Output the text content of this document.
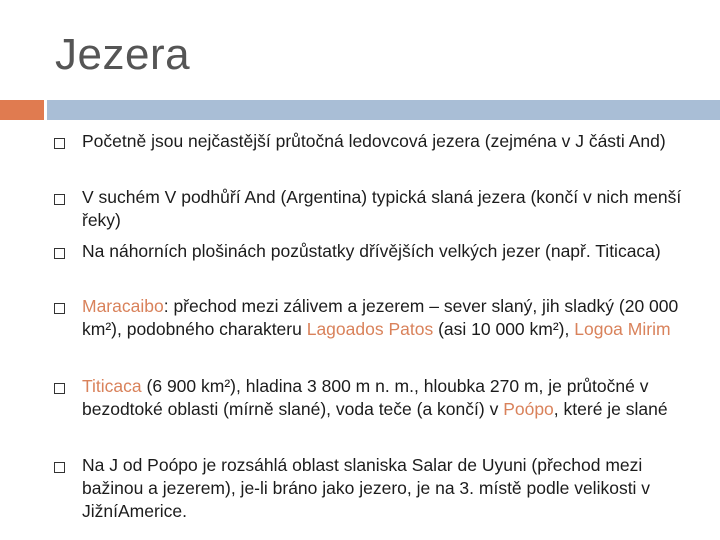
Jezera
Početně jsou nejčastější průtočná ledovcová jezera (zejména v J části And)
V suchém V podhůří And (Argentina) typická slaná jezera (končí v nich menší řeky)
Na náhorních plošinách pozůstatky dřívějších velkých jezer (např. Titicaca)
Maracaibo: přechod mezi zálivem a jezerem – sever slaný, jih sladký (20 000 km²), podobného charakteru Lagoados Patos (asi 10 000 km²), Logoa Mirim
Titicaca (6 900 km²), hladina 3 800 m n. m., hloubka 270 m, je průtočné v bezodtoké oblasti (mírně slané), voda teče (a končí) v Poópo, které je slané
Na J od Poópo je rozsáhlá oblast slaniska Salar de Uyuni (přechod mezi bažinou a jezerem), je-li bráno jako jezero, je na 3. místě podle velikosti v JižníAmerice.
